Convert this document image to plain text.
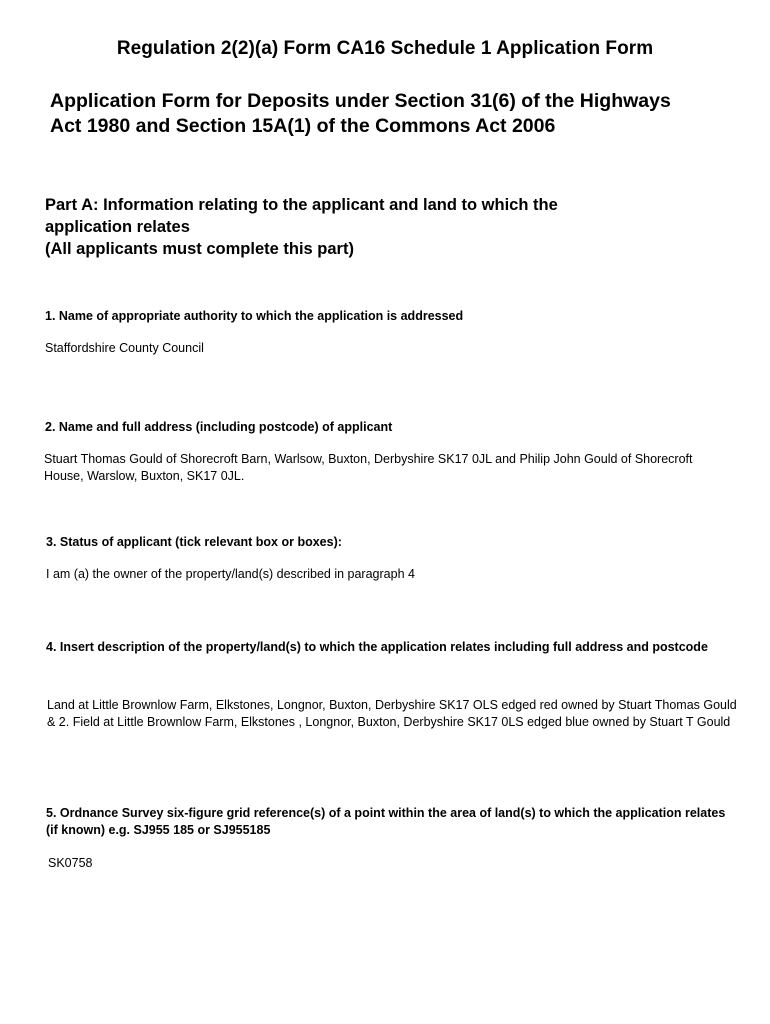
Regulation 2(2)(a) Form CA16 Schedule 1 Application Form
Application Form for Deposits under Section 31(6) of the Highways
Act 1980 and Section 15A(1) of the Commons Act 2006
Part A: Information relating to the applicant and land to which the
application relates
(All applicants must complete this part)
1. Name of appropriate authority to which the application is addressed
Staffordshire County Council
2. Name and full address (including postcode) of applicant
Stuart Thomas Gould of Shorecroft Barn, Warlsow, Buxton, Derbyshire SK17 0JL and Philip John Gould of Shorecroft House, Warslow, Buxton, SK17 0JL.
3. Status of applicant (tick relevant box or boxes):
I am (a) the owner of the property/land(s) described in paragraph 4
4. Insert description of the property/land(s) to which the application relates including full address and postcode
Land at Little Brownlow Farm, Elkstones, Longnor, Buxton, Derbyshire SK17 OLS edged red owned by Stuart Thomas Gould & 2. Field at Little Brownlow Farm, Elkstones , Longnor, Buxton, Derbyshire SK17 0LS edged blue owned by Stuart T Gould
5. Ordnance Survey six-figure grid reference(s) of a point within the area of land(s) to which the application relates (if known) e.g. SJ955 185 or SJ955185
SK0758
